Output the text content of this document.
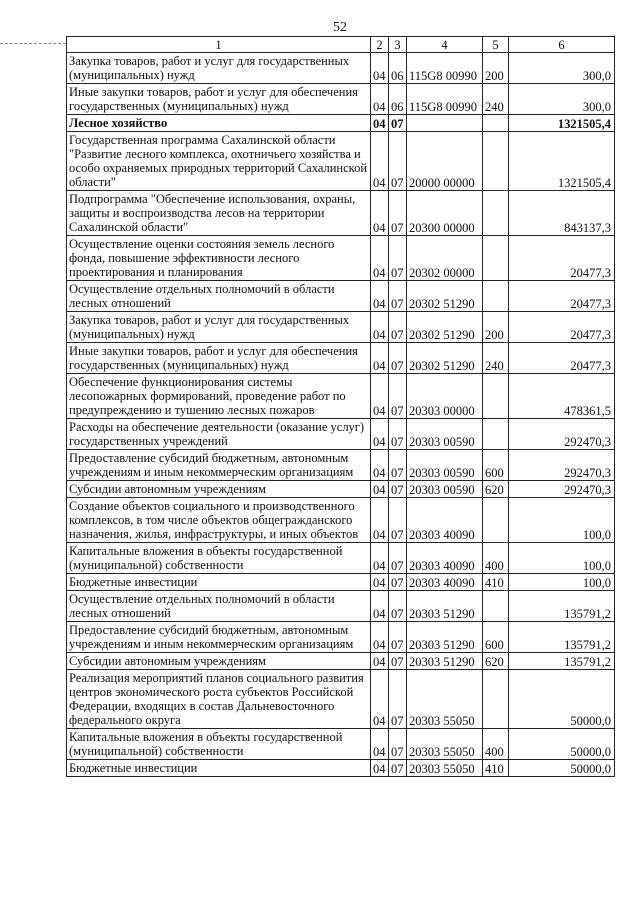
52
1	2	3	4	5	6
Закупка товаров, работ и услуг для государственных (муниципальных) нужд	04	06	115G8 00990	200	300,0
Иные закупки товаров, работ и услуг для обеспечения государственных (муниципальных) нужд	04	06	115G8 00990	240	300,0
Лесное хозяйство	04	07			1321505,4
Государственная программа Сахалинской области "Развитие лесного комплекса, охотничьего хозяйства и особо охраняемых природных территорий Сахалинской области"	04	07	20000 00000		1321505,4
Подпрограмма "Обеспечение использования, охраны, защиты и воспроизводства лесов на территории Сахалинской области"	04	07	20300 00000		843137,3
Осуществление оценки состояния земель лесного фонда, повышение эффективности лесного проектирования и планирования	04	07	20302 00000		20477,3
Осуществление отдельных полномочий в области лесных отношений	04	07	20302 51290		20477,3
Закупка товаров, работ и услуг для государственных (муниципальных) нужд	04	07	20302 51290	200	20477,3
Иные закупки товаров, работ и услуг для обеспечения государственных (муниципальных) нужд	04	07	20302 51290	240	20477,3
Обеспечение функционирования системы лесопожарных формирований, проведение работ по предупреждению и тушению лесных пожаров	04	07	20303 00000		478361,5
Расходы на обеспечение деятельности (оказание услуг) государственных учреждений	04	07	20303 00590		292470,3
Предоставление субсидий бюджетным, автономным учреждениям и иным некоммерческим организациям	04	07	20303 00590	600	292470,3
Субсидии автономным учреждениям	04	07	20303 00590	620	292470,3
Создание объектов социального и производственного комплексов, в том числе объектов общегражданского назначения, жилья, инфраструктуры, и иных объектов	04	07	20303 40090		100,0
Капитальные вложения в объекты государственной (муниципальной) собственности	04	07	20303 40090	400	100,0
Бюджетные инвестиции	04	07	20303 40090	410	100,0
Осуществление отдельных полномочий в области лесных отношений	04	07	20303 51290		135791,2
Предоставление субсидий бюджетным, автономным учреждениям и иным некоммерческим организациям	04	07	20303 51290	600	135791,2
Субсидии автономным учреждениям	04	07	20303 51290	620	135791,2
Реализация мероприятий планов социального развития центров экономического роста субъектов Российской Федерации, входящих в состав Дальневосточного федерального округа	04	07	20303 55050		50000,0
Капитальные вложения в объекты государственной (муниципальной) собственности	04	07	20303 55050	400	50000,0
Бюджетные инвестиции	04	07	20303 55050	410	50000,0
